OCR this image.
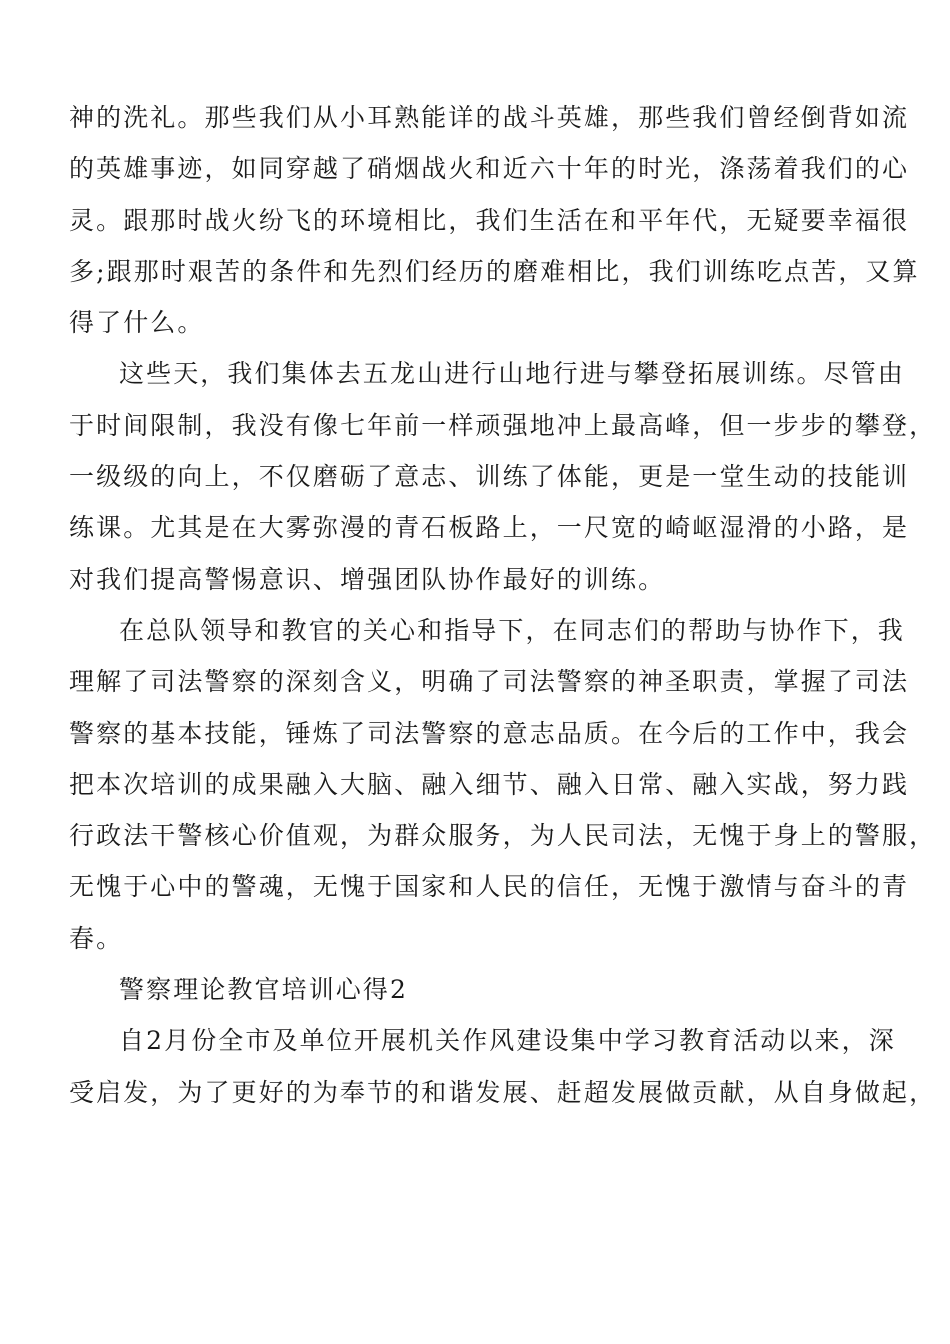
神的洗礼。那些我们从小耳熟能详的战斗英雄，那些我们曾经倒背如流
的英雄事迹，如同穿越了硝烟战火和近六十年的时光，涤荡着我们的心
灵。跟那时战火纷飞的环境相比，我们生活在和平年代，无疑要幸福很
多;跟那时艰苦的条件和先烈们经历的磨难相比，我们训练吃点苦，又算
得了什么。
这些天，我们集体去五龙山进行山地行进与攀登拓展训练。尽管由
于时间限制，我没有像七年前一样顽强地冲上最高峰，但一步步的攀登，
一级级的向上，不仅磨砺了意志、训练了体能，更是一堂生动的技能训
练课。尤其是在大雾弥漫的青石板路上，一尺宽的崎岖湿滑的小路，是
对我们提高警惕意识、增强团队协作最好的训练。
在总队领导和教官的关心和指导下，在同志们的帮助与协作下，我
理解了司法警察的深刻含义，明确了司法警察的神圣职责，掌握了司法
警察的基本技能，锤炼了司法警察的意志品质。在今后的工作中，我会
把本次培训的成果融入大脑、融入细节、融入日常、融入实战，努力践
行政法干警核心价值观，为群众服务，为人民司法，无愧于身上的警服，
无愧于心中的警魂，无愧于国家和人民的信任，无愧于激情与奋斗的青
春。
警察理论教官培训心得2
自2月份全市及单位开展机关作风建设集中学习教育活动以来，深
受启发，为了更好的为奉节的和谐发展、赶超发展做贡献，从自身做起，
